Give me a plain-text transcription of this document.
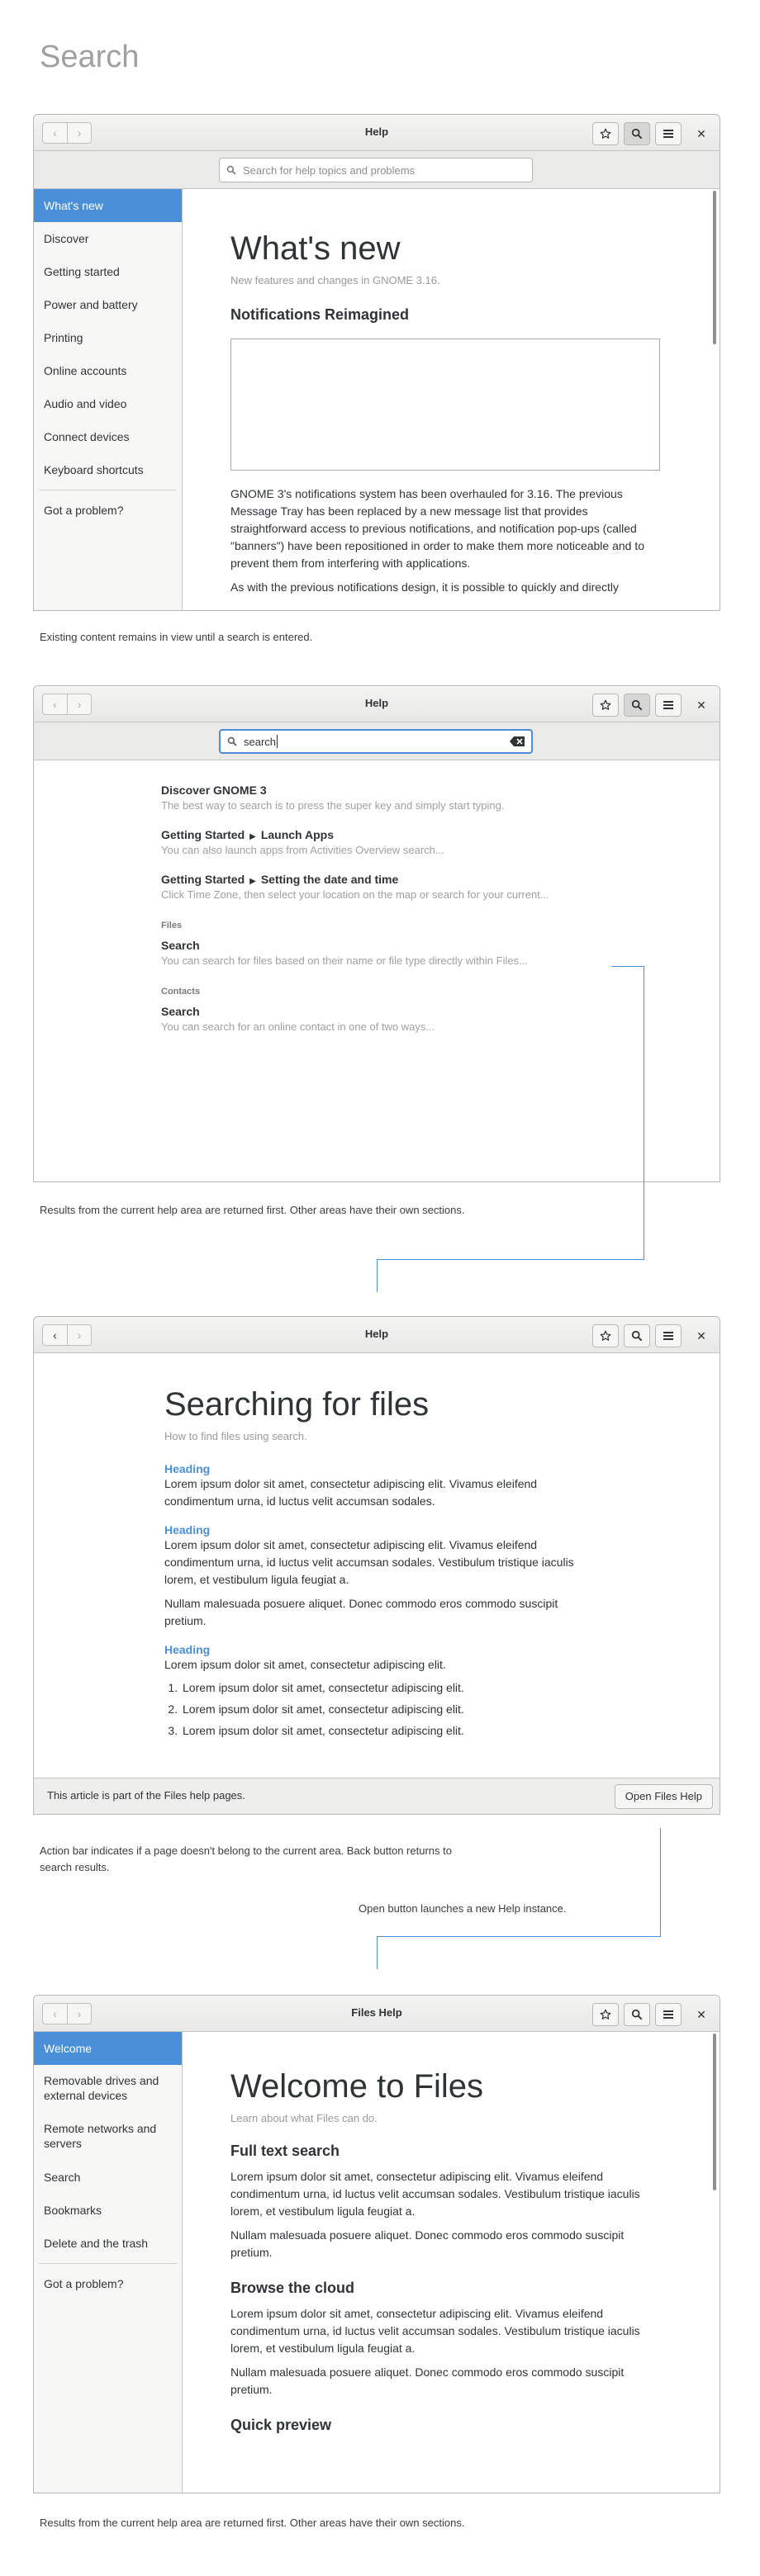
Search
‹ ›	Help	✕
Search for help topics and problems
What's new
Discover
Getting started
Power and battery
Printing
Online accounts
Audio and video
Connect devices
Keyboard shortcuts
Got a problem?
What's new
New features and changes in GNOME 3.16.
Notifications Reimagined
GNOME 3's notifications system has been overhauled for 3.16. The previous Message Tray has been replaced by a new message list that provides straightforward access to previous notifications, and notification pop-ups (called "banners") have been repositioned in order to make them more noticeable and to prevent them from interfering with applications.
As with the previous notifications design, it is possible to quickly and directly
Existing content remains in view until a search is entered.
‹ ›	Help	✕
search
Discover GNOME 3
The best way to search is to press the super key and simply start typing.
Getting Started ▶ Launch Apps
You can also launch apps from Activities Overview search...
Getting Started ▶ Setting the date and time
Click Time Zone, then select your location on the map or search for your current...
Files
Search
You can search for files based on their name or file type directly within Files...
Contacts
Search
You can search for an online contact in one of two ways...
Results from the current help area are returned first. Other areas have their own sections.
‹ ›	Help	✕
Searching for files
How to find files using search.
Heading
Lorem ipsum dolor sit amet, consectetur adipiscing elit. Vivamus eleifend condimentum urna, id luctus velit accumsan sodales.
Heading
Lorem ipsum dolor sit amet, consectetur adipiscing elit. Vivamus eleifend condimentum urna, id luctus velit accumsan sodales. Vestibulum tristique iaculis lorem, et vestibulum ligula feugiat a.
Nullam malesuada posuere aliquet. Donec commodo eros commodo suscipit pretium.
Heading
Lorem ipsum dolor sit amet, consectetur adipiscing elit.
1. Lorem ipsum dolor sit amet, consectetur adipiscing elit.
2. Lorem ipsum dolor sit amet, consectetur adipiscing elit.
3. Lorem ipsum dolor sit amet, consectetur adipiscing elit.
This article is part of the Files help pages.	Open Files Help
Action bar indicates if a page doesn't belong to the current area. Back button returns to search results.
Open button launches a new Help instance.
‹ ›	Files Help	✕
Welcome
Removable drives and external devices
Remote networks and servers
Search
Bookmarks
Delete and the trash
Got a problem?
Welcome to Files
Learn about what Files can do.
Full text search
Lorem ipsum dolor sit amet, consectetur adipiscing elit. Vivamus eleifend condimentum urna, id luctus velit accumsan sodales. Vestibulum tristique iaculis lorem, et vestibulum ligula feugiat a.
Nullam malesuada posuere aliquet. Donec commodo eros commodo suscipit pretium.
Browse the cloud
Lorem ipsum dolor sit amet, consectetur adipiscing elit. Vivamus eleifend condimentum urna, id luctus velit accumsan sodales. Vestibulum tristique iaculis lorem, et vestibulum ligula feugiat a.
Nullam malesuada posuere aliquet. Donec commodo eros commodo suscipit pretium.
Quick preview
Results from the current help area are returned first. Other areas have their own sections.
